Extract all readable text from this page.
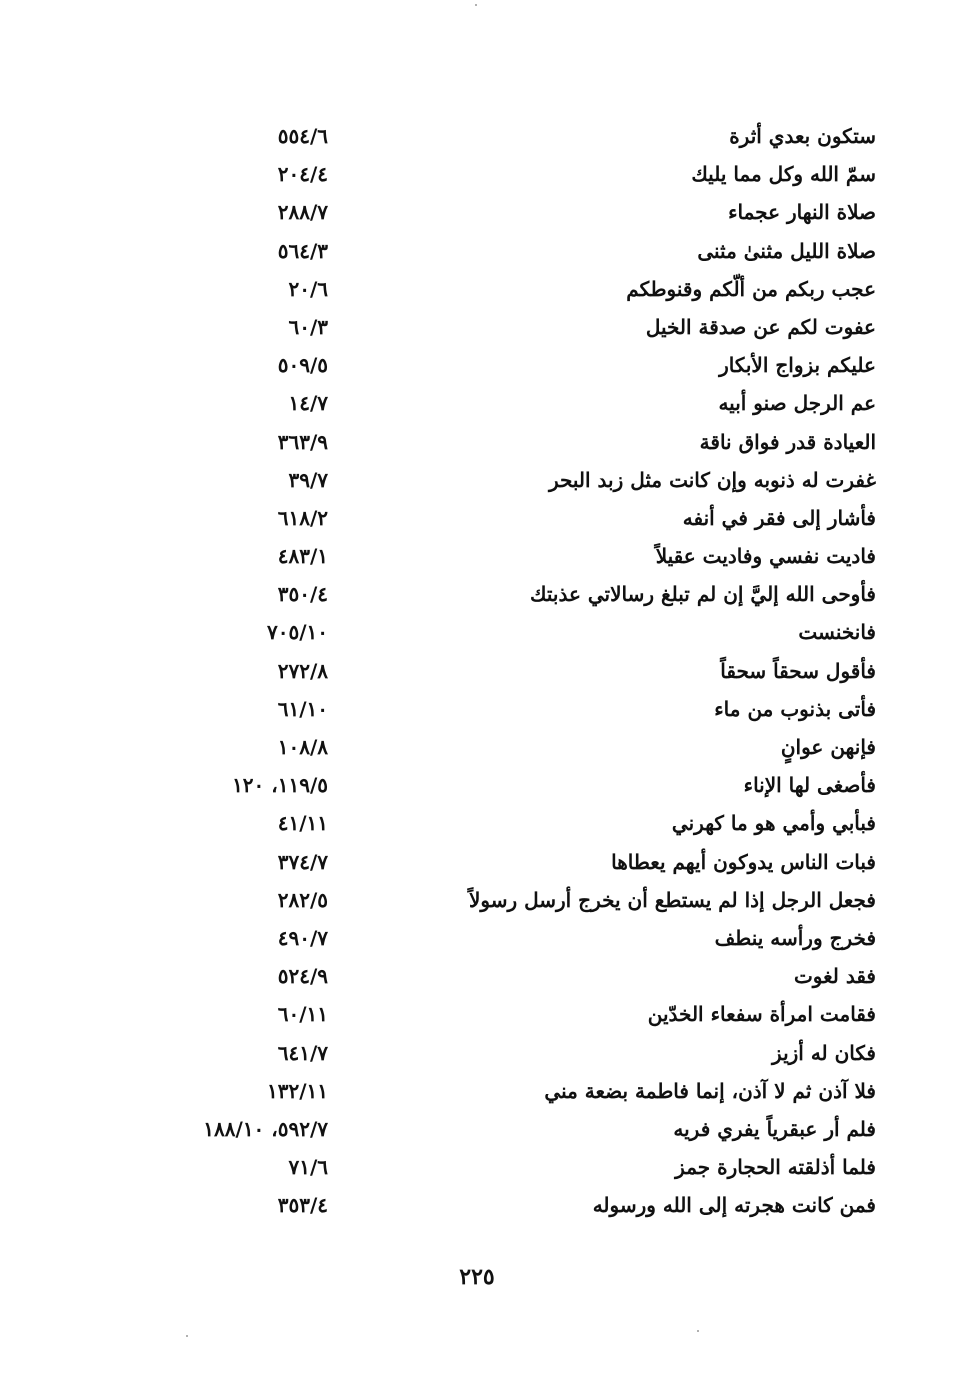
ستكون بعدي أثرة
٥٥٤/٦
سمّ الله وكل مما يليك
٢٠٤/٤
صلاة النهار عجماء
٢٨٨/٧
صلاة الليل مثنىٰ مثنى
٥٦٤/٣
عجب ربكم من ألّكم وقنوطكم
٢٠/٦
عفوت لكم عن صدقة الخيل
٦٠/٣
عليكم بزواج الأبكار
٥٠٩/٥
عم الرجل صنو أبيه
١٤/٧
العيادة قدر فواق ناقة
٣٦٣/٩
غفرت له ذنوبه وإن كانت مثل زبد البحر
٣٩/٧
فأشار إلى فقر في أنفه
٦١٨/٢
فاديت نفسي وفاديت عقيلاً
٤٨٣/١
فأوحى الله إليَّ إن لم تبلغ رسالاتي عذبتك
٣٥٠/٤
فانخنست
٧٠٥/١٠
فأقول سحقاً سحقاً
٢٧٢/٨
فأتى بذنوب من ماء
٦١/١٠
فإنهن عوانٍ
١٠٨/٨
فأصغى لها الإناء
١١٩/٥، ١٢٠
فبأبي وأمي هو ما كهرني
٤١/١١
فبات الناس يدوكون أيهم يعطاها
٣٧٤/٧
فجعل الرجل إذا لم يستطع أن يخرج أرسل رسولاً
٢٨٢/٥
فخرج ورأسه ينطف
٤٩٠/٧
فقد لغوت
٥٢٤/٩
فقامت امرأة سفعاء الخدّين
٦٠/١١
فكان له أزيز
٦٤١/٧
فلا آذن ثم لا آذن، إنما فاطمة بضعة مني
١٣٢/١١
فلم أر عبقرياً يفري فريه
٥٩٢/٧، ١٨٨/١٠
فلما أذلقته الحجارة جمز
٧١/٦
فمن كانت هجرته إلى الله ورسوله
٣٥٣/٤
٢٢٥
